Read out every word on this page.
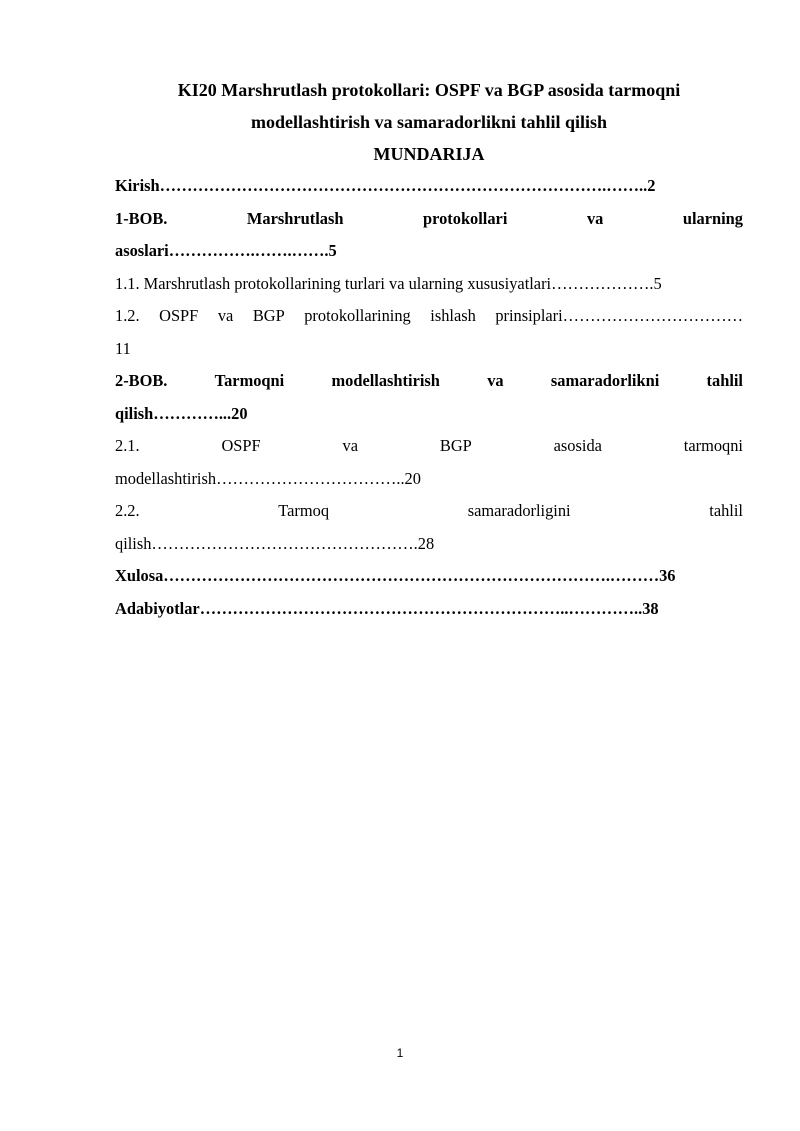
KI20 Marshrutlash protokollari: OSPF va BGP asosida tarmoqni
modellashtirish va samaradorlikni tahlil qilish
MUNDARIJA
Kirish……………………………………………………………………….……..2
1-BOB.	Marshrutlash	protokollari	va	ularning
asoslari…………….…….…….5
1.1. Marshrutlash protokollarining turlari va ularning xususiyatlari……………….5
1.2. OSPF va BGP protokollarining ishlash prinsiplari……………………………
11
2-BOB.	Tarmoqni	modellashtirish	va	samaradorlikni	tahlil
qilish…………...20
2.1.	OSPF	va	BGP	asosida	tarmoqni
modellashtirish……………………………..20
2.2.	Tarmoq	samaradorligini	tahlil
qilish………………………………………….28
Xulosa……………………………………………………………………….………36
Adabiyotlar…………………………………………………………..…………..38
1
